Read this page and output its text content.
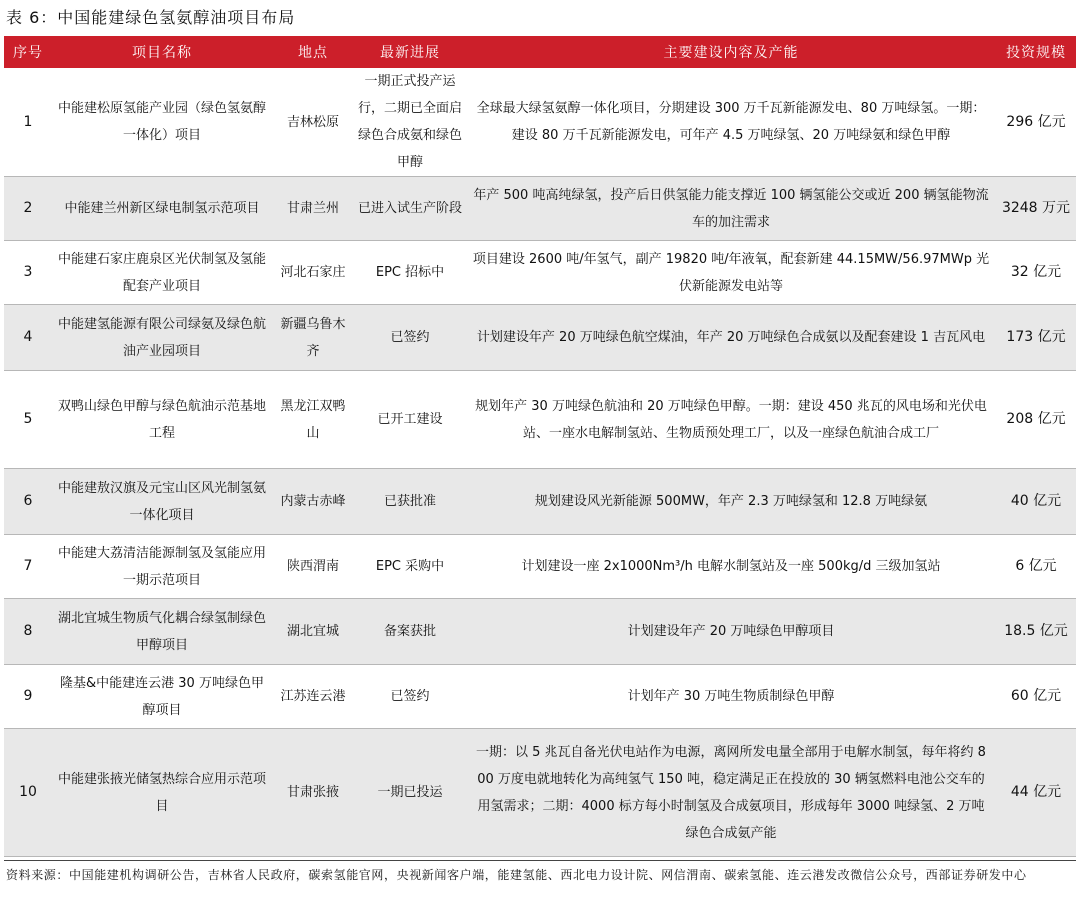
表 6：中国能建绿色氢氨醇油项目布局
序号	项目名称	地点	最新进展	主要建设内容及产能	投资规模
1	中能建松原氢能产业园（绿色氢氨醇一体化）项目	吉林松原	一期正式投产运行，二期已全面启绿色合成氨和绿色甲醇	全球最大绿氢氨醇一体化项目，分期建设 300 万千瓦新能源发电、80 万吨绿氢。一期：建设 80 万千瓦新能源发电，可年产 4.5 万吨绿氢、20 万吨绿氨和绿色甲醇	296 亿元
2	中能建兰州新区绿电制氢示范项目	甘肃兰州	已进入试生产阶段	年产 500 吨高纯绿氢，投产后日供氢能力能支撑近 100 辆氢能公交或近 200 辆氢能物流车的加注需求	3248 万元
3	中能建石家庄鹿泉区光伏制氢及氢能配套产业项目	河北石家庄	EPC 招标中	项目建设 2600 吨/年氢气，副产 19820 吨/年液氧，配套新建 44.15MW/56.97MWp 光伏新能源发电站等	32 亿元
4	中能建氢能源有限公司绿氨及绿色航油产业园项目	新疆乌鲁木齐	已签约	计划建设年产 20 万吨绿色航空煤油，年产 20 万吨绿色合成氨以及配套建设 1 吉瓦风电	173 亿元
5	双鸭山绿色甲醇与绿色航油示范基地工程	黑龙江双鸭山	已开工建设	规划年产 30 万吨绿色航油和 20 万吨绿色甲醇。一期：建设 450 兆瓦的风电场和光伏电站、一座水电解制氢站、生物质预处理工厂，以及一座绿色航油合成工厂	208 亿元
6	中能建敖汉旗及元宝山区风光制氢氨一体化项目	内蒙古赤峰	已获批准	规划建设风光新能源 500MW，年产 2.3 万吨绿氢和 12.8 万吨绿氨	40 亿元
7	中能建大荔清洁能源制氢及氢能应用一期示范项目	陕西渭南	EPC 采购中	计划建设一座 2x1000Nm³/h 电解水制氢站及一座 500kg/d 三级加氢站	6 亿元
8	湖北宜城生物质气化耦合绿氢制绿色甲醇项目	湖北宜城	备案获批	计划建设年产 20 万吨绿色甲醇项目	18.5 亿元
9	隆基&中能建连云港 30 万吨绿色甲醇项目	江苏连云港	已签约	计划年产 30 万吨生物质制绿色甲醇	60 亿元
10	中能建张掖光储氢热综合应用示范项目	甘肃张掖	一期已投运	一期：以 5 兆瓦自备光伏电站作为电源，离网所发电量全部用于电解水制氢，每年将约 800 万度电就地转化为高纯氢气 150 吨，稳定满足正在投放的 30 辆氢燃料电池公交车的用氢需求；二期：4000 标方每小时制氢及合成氨项目，形成每年 3000 吨绿氢、2 万吨绿色合成氨产能	44 亿元
资料来源：中国能建机构调研公告，吉林省人民政府，碳索氢能官网，央视新闻客户端，能建氢能、西北电力设计院、网信渭南、碳索氢能、连云港发改微信公众号，西部证券研发中心
